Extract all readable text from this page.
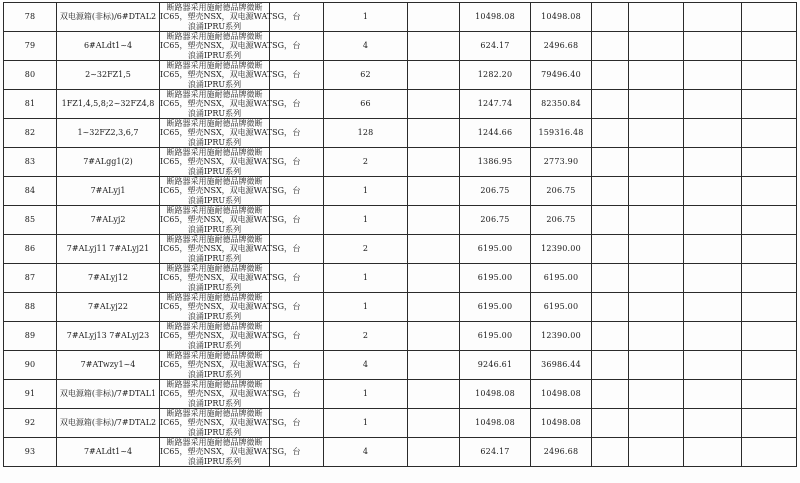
78	双电源箱(非标)/6#DTAL2	断路器采用施耐德品牌微断
IC65，塑壳NSX，双电源WATSG，
浪涌IPRU系列	台	1		10498.08	10498.08				
79	6#ALdt1~4	断路器采用施耐德品牌微断
IC65，塑壳NSX，双电源WATSG，
浪涌IPRU系列	台	4		624.17	2496.68				
80	2~32FZ1,5	断路器采用施耐德品牌微断
IC65，塑壳NSX，双电源WATSG，
浪涌IPRU系列	台	62		1282.20	79496.40				
81	1FZ1,4,5,8;2~32FZ4,8	断路器采用施耐德品牌微断
IC65，塑壳NSX，双电源WATSG，
浪涌IPRU系列	台	66		1247.74	82350.84				
82	1~32FZ2,3,6,7	断路器采用施耐德品牌微断
IC65，塑壳NSX，双电源WATSG，
浪涌IPRU系列	台	128		1244.66	159316.48				
83	7#ALgg1(2)	断路器采用施耐德品牌微断
IC65，塑壳NSX，双电源WATSG，
浪涌IPRU系列	台	2		1386.95	2773.90				
84	7#ALyj1	断路器采用施耐德品牌微断
IC65，塑壳NSX，双电源WATSG，
浪涌IPRU系列	台	1		206.75	206.75				
85	7#ALyj2	断路器采用施耐德品牌微断
IC65，塑壳NSX，双电源WATSG，
浪涌IPRU系列	台	1		206.75	206.75				
86	7#ALyj11 7#ALyj21	断路器采用施耐德品牌微断
IC65，塑壳NSX，双电源WATSG，
浪涌IPRU系列	台	2		6195.00	12390.00				
87	7#ALyj12	断路器采用施耐德品牌微断
IC65，塑壳NSX，双电源WATSG，
浪涌IPRU系列	台	1		6195.00	6195.00				
88	7#ALyj22	断路器采用施耐德品牌微断
IC65，塑壳NSX，双电源WATSG，
浪涌IPRU系列	台	1		6195.00	6195.00				
89	7#ALyj13 7#ALyj23	断路器采用施耐德品牌微断
IC65，塑壳NSX，双电源WATSG，
浪涌IPRU系列	台	2		6195.00	12390.00				
90	7#ATwzy1~4	断路器采用施耐德品牌微断
IC65，塑壳NSX，双电源WATSG，
浪涌IPRU系列	台	4		9246.61	36986.44				
91	双电源箱(非标)/7#DTAL1	断路器采用施耐德品牌微断
IC65，塑壳NSX，双电源WATSG，
浪涌IPRU系列	台	1		10498.08	10498.08				
92	双电源箱(非标)/7#DTAL2	断路器采用施耐德品牌微断
IC65，塑壳NSX，双电源WATSG，
浪涌IPRU系列	台	1		10498.08	10498.08				
93	7#ALdt1~4	断路器采用施耐德品牌微断
IC65，塑壳NSX，双电源WATSG，
浪涌IPRU系列	台	4		624.17	2496.68				
